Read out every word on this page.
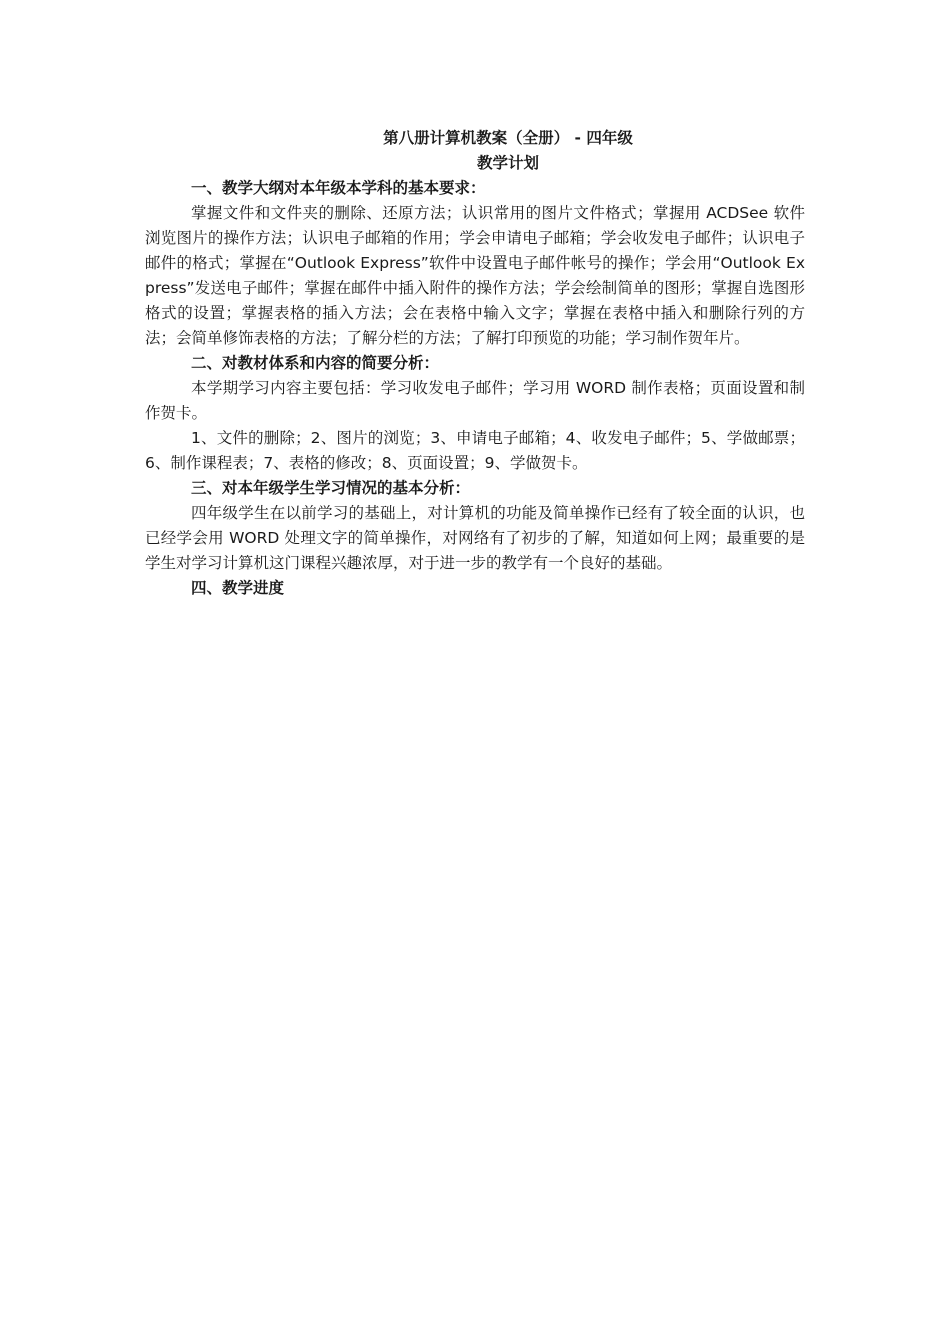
第八册计算机教案（全册） - 四年级

教学计划

一、教学大纲对本年级本学科的基本要求：

掌握文件和文件夹的删除、还原方法；认识常用的图片文件格式；掌握用 ACDSee 软件浏览图片的操作方法；认识电子邮箱的作用；学会申请电子邮箱；学会收发电子邮件；认识电子邮件的格式；掌握在“Outlook Express”软件中设置电子邮件帐号的操作；学会用“Outlook Express”发送电子邮件；掌握在邮件中插入附件的操作方法；学会绘制简单的图形；掌握自选图形格式的设置；掌握表格的插入方法；会在表格中输入文字；掌握在表格中插入和删除行列的方法；会简单修饰表格的方法；了解分栏的方法；了解打印预览的功能；学习制作贺年片。

二、对教材体系和内容的简要分析：

本学期学习内容主要包括：学习收发电子邮件；学习用 WORD 制作表格；页面设置和制作贺卡。

1、文件的删除；2、图片的浏览；3、申请电子邮箱；4、收发电子邮件；5、学做邮票；6、制作课程表；7、表格的修改；8、页面设置；9、学做贺卡。

三、对本年级学生学习情况的基本分析：

四年级学生在以前学习的基础上，对计算机的功能及简单操作已经有了较全面的认识，也已经学会用 WORD 处理文字的简单操作，对网络有了初步的了解，知道如何上网；最重要的是学生对学习计算机这门课程兴趣浓厚，对于进一步的教学有一个良好的基础。

四、教学进度
